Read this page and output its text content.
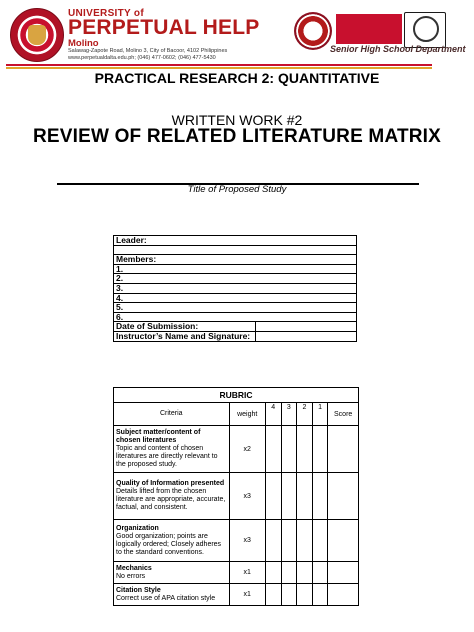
UNIVERSITY of
PERPETUAL HELP
Molino
Salawag-Zapote Road, Molino 3, City of Bacoor, 4102 Philippines
www.perpetualdalta.edu.ph; (046) 477-0602; (046) 477-5430
Senior High School Department
PRACTICAL RESEARCH 2: QUANTITATIVE
WRITTEN WORK #2
REVIEW OF RELATED LITERATURE MATRIX
Title of Proposed Study
Leader:	

Members:	
1.	
2.	
3.	
4.	
5.	
6.	
Date of Submission:	
Instructor’s Name and Signature:	
RUBRIC						
Criteria	weight	4	3	2	1	Score

Subject matter/content of chosen literatures
Topic and content of chosen literatures are directly relevant to the proposed study.	x2					

Quality of Information presented
Details lifted from the chosen literature are appropriate, accurate, factual, and consistent.	x3					

Organization
Good organization; points are logically ordered; Closely adheres to the standard conventions.	x3					

Mechanics
No errors	x1					

Citation Style
Correct use of APA citation style	x1					
